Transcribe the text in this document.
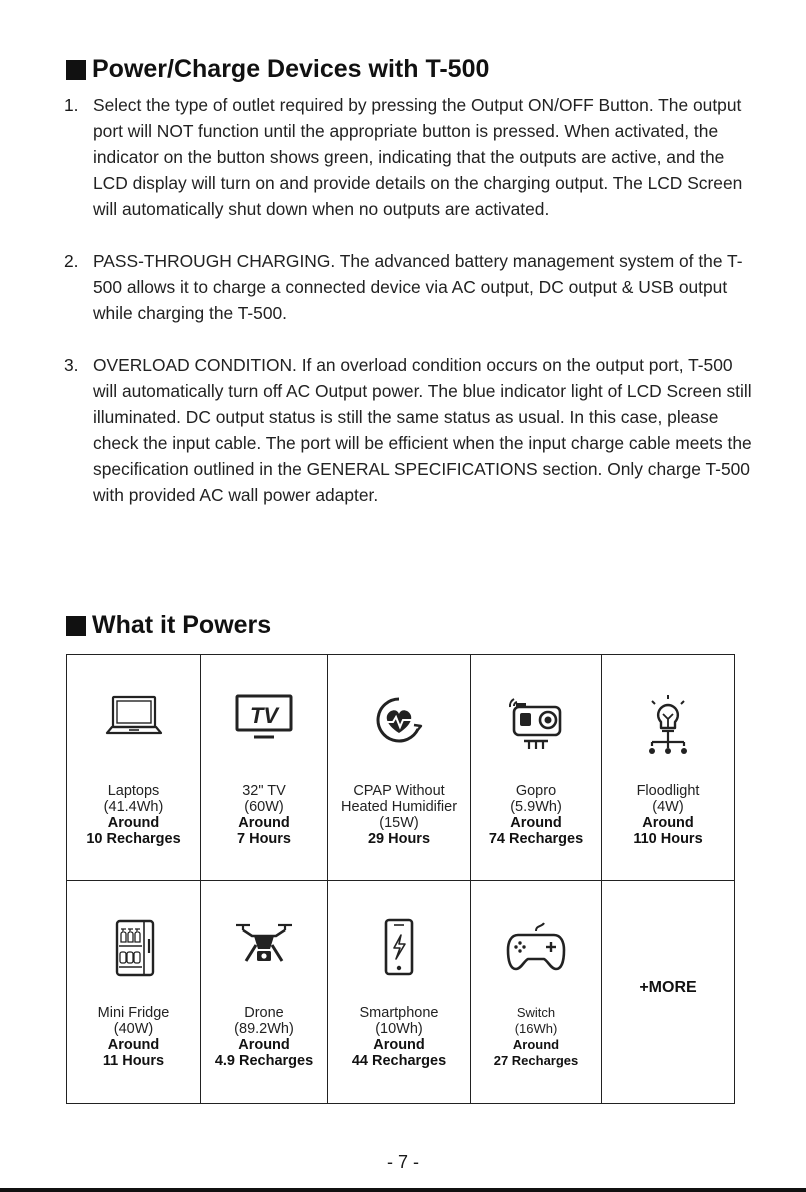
Power/Charge Devices with T-500
1. Select the type of outlet required by pressing the Output ON/OFF Button. The output port will NOT function until the appropriate button is pressed. When activated, the indicator on the button shows green, indicating that the outputs are active, and the LCD display will turn on and provide details on the charging output. The LCD Screen will automatically shut down when no outputs are activated.
2. PASS-THROUGH CHARGING. The advanced battery management system of the T-500 allows it to charge a connected device via AC output, DC output & USB output while charging the T-500.
3. OVERLOAD CONDITION. If an overload condition occurs on the output port, T-500 will automatically turn off AC Output power. The blue indicator light of LCD Screen still illuminated. DC output status is still the same status as usual. In this case, please check the input cable. The port will be efficient when the input charge cable meets the specification outlined in the GENERAL SPECIFICATIONS section. Only charge T-500 with provided AC wall power adapter.
What it Powers
Laptops
(41.4Wh)
Around
10 Recharges
TV
32" TV
(60W)
Around
7 Hours
CPAP Without
Heated Humidifier
(15W)
29 Hours
Gopro
(5.9Wh)
Around
74 Recharges
Floodlight
(4W)
Around
110 Hours
Mini Fridge
(40W)
Around
11 Hours
Drone
(89.2Wh)
Around
4.9 Recharges
Smartphone
(10Wh)
Around
44 Recharges
Switch
(16Wh)
Around
27 Recharges
+MORE
- 7 -
